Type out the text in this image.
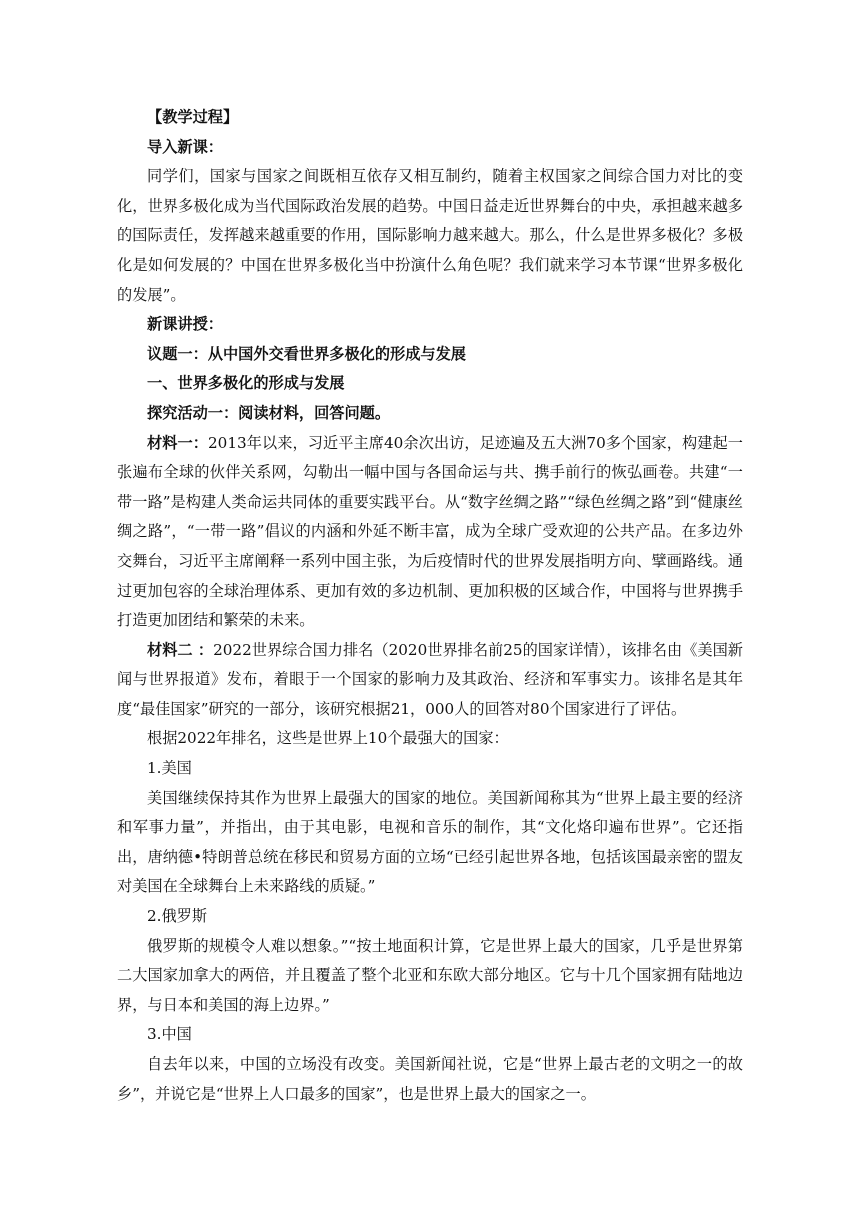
【教学过程】

导入新课：

同学们，国家与国家之间既相互依存又相互制约，随着主权国家之间综合国力对比的变化，世界多极化成为当代国际政治发展的趋势。中国日益走近世界舞台的中央，承担越来越多的国际责任，发挥越来越重要的作用，国际影响力越来越大。那么，什么是世界多极化？多极化是如何发展的？中国在世界多极化当中扮演什么角色呢？我们就来学习本节课“世界多极化的发展”。

新课讲授：

议题一：从中国外交看世界多极化的形成与发展

一、世界多极化的形成与发展

探究活动一：阅读材料，回答问题。

材料一：2013年以来，习近平主席40余次出访，足迹遍及五大洲70多个国家，构建起一张遍布全球的伙伴关系网，勾勒出一幅中国与各国命运与共、携手前行的恢弘画卷。共建“一带一路”是构建人类命运共同体的重要实践平台。从“数字丝绸之路”“绿色丝绸之路”到“健康丝绸之路”，“一带一路”倡议的内涵和外延不断丰富，成为全球广受欢迎的公共产品。在多边外交舞台，习近平主席阐释一系列中国主张，为后疫情时代的世界发展指明方向、擘画路线。通过更加包容的全球治理体系、更加有效的多边机制、更加积极的区域合作，中国将与世界携手打造更加团结和繁荣的未来。

材料二 ：2022世界综合国力排名（2020世界排名前25的国家详情），该排名由《美国新闻与世界报道》发布，着眼于一个国家的影响力及其政治、经济和军事实力。该排名是其年度“最佳国家”研究的一部分，该研究根据21，000人的回答对80个国家进行了评估。

根据2022年排名，这些是世界上10个最强大的国家：

1.美国

美国继续保持其作为世界上最强大的国家的地位。美国新闻称其为“世界上最主要的经济和军事力量”，并指出，由于其电影，电视和音乐的制作，其“文化烙印遍布世界”。它还指出，唐纳德•特朗普总统在移民和贸易方面的立场“已经引起世界各地，包括该国最亲密的盟友对美国在全球舞台上未来路线的质疑。”

2.俄罗斯

俄罗斯的规模令人难以想象。”“按土地面积计算，它是世界上最大的国家，几乎是世界第二大国家加拿大的两倍，并且覆盖了整个北亚和东欧大部分地区。它与十几个国家拥有陆地边界，与日本和美国的海上边界。”

3.中国

自去年以来，中国的立场没有改变。美国新闻社说，它是“世界上最古老的文明之一的故乡”，并说它是“世界上人口最多的国家”，也是世界上最大的国家之一。
